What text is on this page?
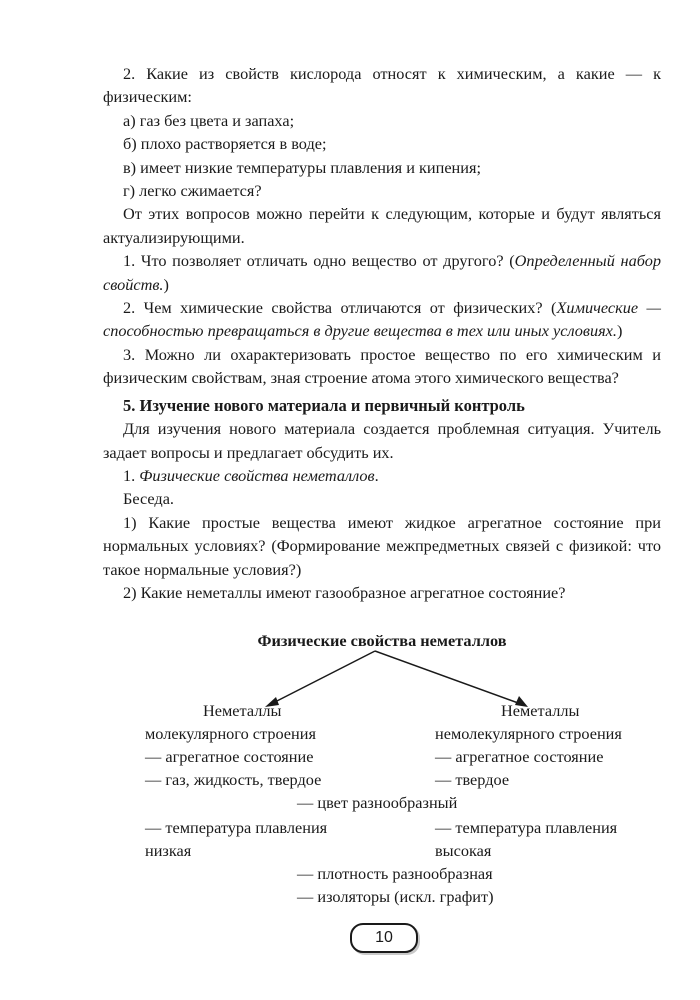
2. Какие из свойств кислорода относят к химическим, а какие — к физическим:

а) газ без цвета и запаха;

б) плохо растворяется в воде;

в) имеет низкие температуры плавления и кипения;

г) легко сжимается?

От этих вопросов можно перейти к следующим, которые и будут являться актуализирующими.

1. Что позволяет отличать одно вещество от другого? (Определенный набор свойств.)

2. Чем химические свойства отличаются от физических? (Химические — способностью превращаться в другие вещества в тех или иных условиях.)

3. Можно ли охарактеризовать простое вещество по его химическим и физическим свойствам, зная строение атома этого химического вещества?

5. Изучение нового материала и первичный контроль

Для изучения нового материала создается проблемная ситуация. Учитель задает вопросы и предлагает обсудить их.

1. Физические свойства неметаллов.

Беседа.

1) Какие простые вещества имеют жидкое агрегатное состояние при нормальных условиях? (Формирование межпредметных связей с физикой: что такое нормальные условия?)

2) Какие неметаллы имеют газообразное агрегатное состояние?

Физические свойства неметаллов
Неметаллы
молекулярного строения
— агрегатное состояние
— газ, жидкость, твердое
— температура плавления
низкая
Неметаллы
немолекулярного строения
— агрегатное состояние
— твердое
— температура плавления
высокая
— цвет разнообразный
— плотность разнообразная
— изоляторы (искл. графит)
10
